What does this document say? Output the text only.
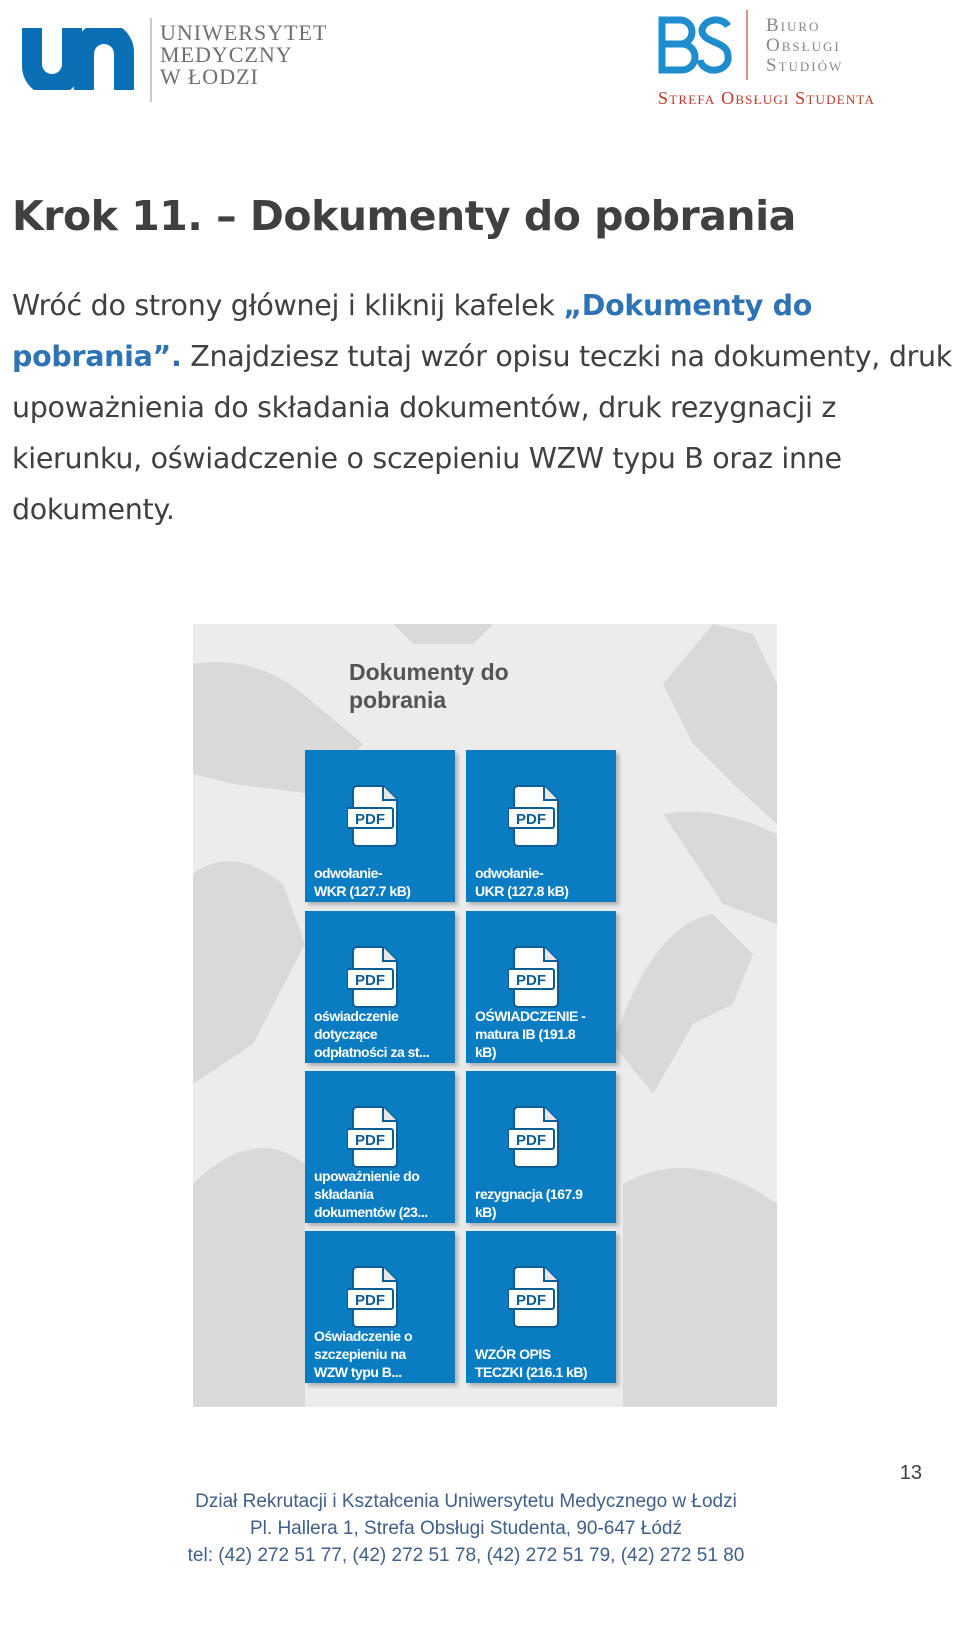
UNIWERSYTET
MEDYCZNY
W ŁODZI
Biuro
Obsługi
Studiów
Strefa Obsługi Studenta
Krok 11. – Dokumenty do pobrania

Wróć do strony głównej i kliknij kafelek „Dokumenty do pobrania”. Znajdziesz tutaj wzór opisu teczki na dokumenty, druk upoważnienia do składania dokumentów, druk rezygnacji z kierunku, oświadczenie o sczepieniu WZW typu B oraz inne dokumenty.

Dokumenty do
pobrania
PDF
odwołanie-
WKR (127.7 kB)
PDF
odwołanie-
UKR (127.8 kB)
PDF
oświadczenie
dotyczące
odpłatności za st...
PDF
OŚWIADCZENIE -
matura IB (191.8
kB)
PDF
upoważnienie do
składania
dokumentów (23...
PDF
rezygnacja (167.9
kB)
PDF
Oświadczenie o
szczepieniu na
WZW typu B...
PDF
WZÓR OPIS
TECZKI (216.1 kB)
13
Dział Rekrutacji i Kształcenia Uniwersytetu Medycznego w Łodzi
Pl. Hallera 1, Strefa Obsługi Studenta, 90-647 Łódź
tel: (42) 272 51 77, (42) 272 51 78, (42) 272 51 79, (42) 272 51 80
